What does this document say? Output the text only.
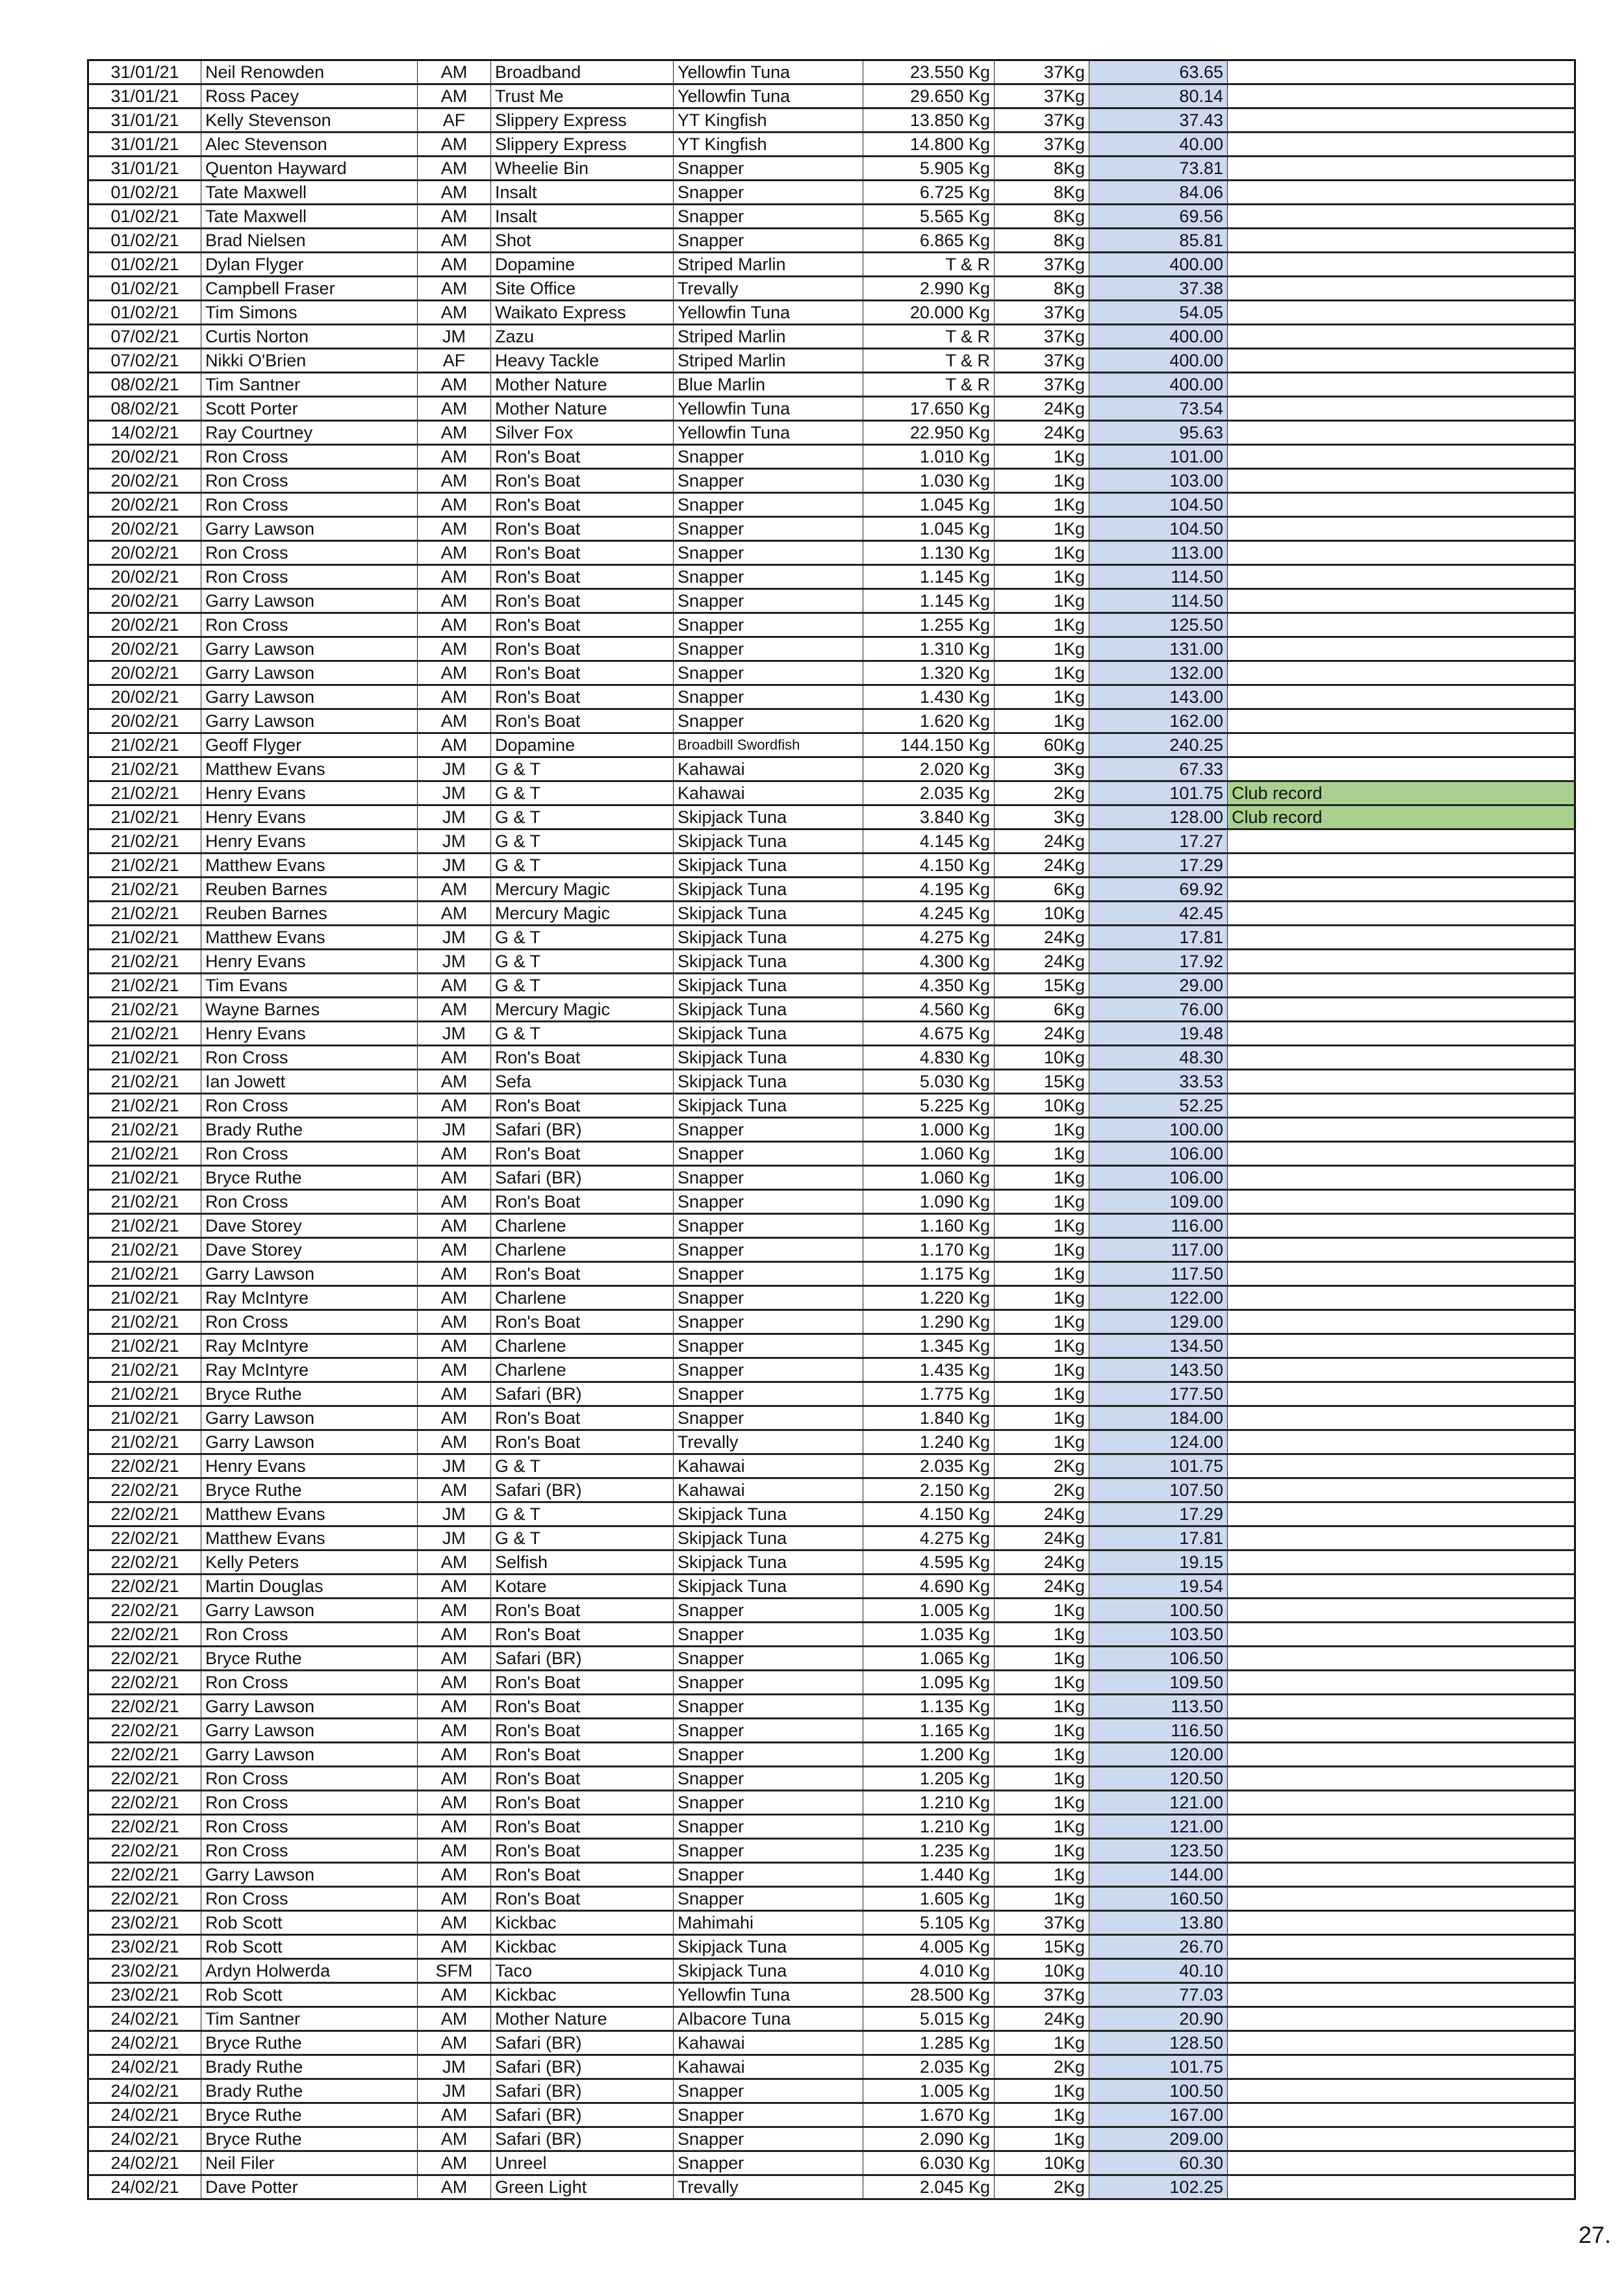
31/01/21	Neil Renowden	AM	Broadband	Yellowfin Tuna	23.550 Kg	37Kg	63.65	
31/01/21	Ross Pacey	AM	Trust Me	Yellowfin Tuna	29.650 Kg	37Kg	80.14	
31/01/21	Kelly Stevenson	AF	Slippery Express	YT Kingfish	13.850 Kg	37Kg	37.43	
31/01/21	Alec Stevenson	AM	Slippery Express	YT Kingfish	14.800 Kg	37Kg	40.00	
31/01/21	Quenton Hayward	AM	Wheelie Bin	Snapper	5.905 Kg	8Kg	73.81	
01/02/21	Tate Maxwell	AM	Insalt	Snapper	6.725 Kg	8Kg	84.06	
01/02/21	Tate Maxwell	AM	Insalt	Snapper	5.565 Kg	8Kg	69.56	
01/02/21	Brad Nielsen	AM	Shot	Snapper	6.865 Kg	8Kg	85.81	
01/02/21	Dylan Flyger	AM	Dopamine	Striped Marlin	T & R	37Kg	400.00	
01/02/21	Campbell Fraser	AM	Site Office	Trevally	2.990 Kg	8Kg	37.38	
01/02/21	Tim Simons	AM	Waikato Express	Yellowfin Tuna	20.000 Kg	37Kg	54.05	
07/02/21	Curtis Norton	JM	Zazu	Striped Marlin	T & R	37Kg	400.00	
07/02/21	Nikki O'Brien	AF	Heavy Tackle	Striped Marlin	T & R	37Kg	400.00	
08/02/21	Tim Santner	AM	Mother Nature	Blue Marlin	T & R	37Kg	400.00	
08/02/21	Scott Porter	AM	Mother Nature	Yellowfin Tuna	17.650 Kg	24Kg	73.54	
14/02/21	Ray Courtney	AM	Silver Fox	Yellowfin Tuna	22.950 Kg	24Kg	95.63	
20/02/21	Ron Cross	AM	Ron's Boat	Snapper	1.010 Kg	1Kg	101.00	
20/02/21	Ron Cross	AM	Ron's Boat	Snapper	1.030 Kg	1Kg	103.00	
20/02/21	Ron Cross	AM	Ron's Boat	Snapper	1.045 Kg	1Kg	104.50	
20/02/21	Garry Lawson	AM	Ron's Boat	Snapper	1.045 Kg	1Kg	104.50	
20/02/21	Ron Cross	AM	Ron's Boat	Snapper	1.130 Kg	1Kg	113.00	
20/02/21	Ron Cross	AM	Ron's Boat	Snapper	1.145 Kg	1Kg	114.50	
20/02/21	Garry Lawson	AM	Ron's Boat	Snapper	1.145 Kg	1Kg	114.50	
20/02/21	Ron Cross	AM	Ron's Boat	Snapper	1.255 Kg	1Kg	125.50	
20/02/21	Garry Lawson	AM	Ron's Boat	Snapper	1.310 Kg	1Kg	131.00	
20/02/21	Garry Lawson	AM	Ron's Boat	Snapper	1.320 Kg	1Kg	132.00	
20/02/21	Garry Lawson	AM	Ron's Boat	Snapper	1.430 Kg	1Kg	143.00	
20/02/21	Garry Lawson	AM	Ron's Boat	Snapper	1.620 Kg	1Kg	162.00	
21/02/21	Geoff Flyger	AM	Dopamine	Broadbill Swordfish	144.150 Kg	60Kg	240.25	
21/02/21	Matthew Evans	JM	G & T	Kahawai	2.020 Kg	3Kg	67.33	
21/02/21	Henry Evans	JM	G & T	Kahawai	2.035 Kg	2Kg	101.75	Club record
21/02/21	Henry Evans	JM	G & T	Skipjack Tuna	3.840 Kg	3Kg	128.00	Club record
21/02/21	Henry Evans	JM	G & T	Skipjack Tuna	4.145 Kg	24Kg	17.27	
21/02/21	Matthew Evans	JM	G & T	Skipjack Tuna	4.150 Kg	24Kg	17.29	
21/02/21	Reuben Barnes	AM	Mercury Magic	Skipjack Tuna	4.195 Kg	6Kg	69.92	
21/02/21	Reuben Barnes	AM	Mercury Magic	Skipjack Tuna	4.245 Kg	10Kg	42.45	
21/02/21	Matthew Evans	JM	G & T	Skipjack Tuna	4.275 Kg	24Kg	17.81	
21/02/21	Henry Evans	JM	G & T	Skipjack Tuna	4.300 Kg	24Kg	17.92	
21/02/21	Tim Evans	AM	G & T	Skipjack Tuna	4.350 Kg	15Kg	29.00	
21/02/21	Wayne Barnes	AM	Mercury Magic	Skipjack Tuna	4.560 Kg	6Kg	76.00	
21/02/21	Henry Evans	JM	G & T	Skipjack Tuna	4.675 Kg	24Kg	19.48	
21/02/21	Ron Cross	AM	Ron's Boat	Skipjack Tuna	4.830 Kg	10Kg	48.30	
21/02/21	Ian Jowett	AM	Sefa	Skipjack Tuna	5.030 Kg	15Kg	33.53	
21/02/21	Ron Cross	AM	Ron's Boat	Skipjack Tuna	5.225 Kg	10Kg	52.25	
21/02/21	Brady Ruthe	JM	Safari (BR)	Snapper	1.000 Kg	1Kg	100.00	
21/02/21	Ron Cross	AM	Ron's Boat	Snapper	1.060 Kg	1Kg	106.00	
21/02/21	Bryce Ruthe	AM	Safari (BR)	Snapper	1.060 Kg	1Kg	106.00	
21/02/21	Ron Cross	AM	Ron's Boat	Snapper	1.090 Kg	1Kg	109.00	
21/02/21	Dave Storey	AM	Charlene	Snapper	1.160 Kg	1Kg	116.00	
21/02/21	Dave Storey	AM	Charlene	Snapper	1.170 Kg	1Kg	117.00	
21/02/21	Garry Lawson	AM	Ron's Boat	Snapper	1.175 Kg	1Kg	117.50	
21/02/21	Ray McIntyre	AM	Charlene	Snapper	1.220 Kg	1Kg	122.00	
21/02/21	Ron Cross	AM	Ron's Boat	Snapper	1.290 Kg	1Kg	129.00	
21/02/21	Ray McIntyre	AM	Charlene	Snapper	1.345 Kg	1Kg	134.50	
21/02/21	Ray McIntyre	AM	Charlene	Snapper	1.435 Kg	1Kg	143.50	
21/02/21	Bryce Ruthe	AM	Safari (BR)	Snapper	1.775 Kg	1Kg	177.50	
21/02/21	Garry Lawson	AM	Ron's Boat	Snapper	1.840 Kg	1Kg	184.00	
21/02/21	Garry Lawson	AM	Ron's Boat	Trevally	1.240 Kg	1Kg	124.00	
22/02/21	Henry Evans	JM	G & T	Kahawai	2.035 Kg	2Kg	101.75	
22/02/21	Bryce Ruthe	AM	Safari (BR)	Kahawai	2.150 Kg	2Kg	107.50	
22/02/21	Matthew Evans	JM	G & T	Skipjack Tuna	4.150 Kg	24Kg	17.29	
22/02/21	Matthew Evans	JM	G & T	Skipjack Tuna	4.275 Kg	24Kg	17.81	
22/02/21	Kelly Peters	AM	Selfish	Skipjack Tuna	4.595 Kg	24Kg	19.15	
22/02/21	Martin Douglas	AM	Kotare	Skipjack Tuna	4.690 Kg	24Kg	19.54	
22/02/21	Garry Lawson	AM	Ron's Boat	Snapper	1.005 Kg	1Kg	100.50	
22/02/21	Ron Cross	AM	Ron's Boat	Snapper	1.035 Kg	1Kg	103.50	
22/02/21	Bryce Ruthe	AM	Safari (BR)	Snapper	1.065 Kg	1Kg	106.50	
22/02/21	Ron Cross	AM	Ron's Boat	Snapper	1.095 Kg	1Kg	109.50	
22/02/21	Garry Lawson	AM	Ron's Boat	Snapper	1.135 Kg	1Kg	113.50	
22/02/21	Garry Lawson	AM	Ron's Boat	Snapper	1.165 Kg	1Kg	116.50	
22/02/21	Garry Lawson	AM	Ron's Boat	Snapper	1.200 Kg	1Kg	120.00	
22/02/21	Ron Cross	AM	Ron's Boat	Snapper	1.205 Kg	1Kg	120.50	
22/02/21	Ron Cross	AM	Ron's Boat	Snapper	1.210 Kg	1Kg	121.00	
22/02/21	Ron Cross	AM	Ron's Boat	Snapper	1.210 Kg	1Kg	121.00	
22/02/21	Ron Cross	AM	Ron's Boat	Snapper	1.235 Kg	1Kg	123.50	
22/02/21	Garry Lawson	AM	Ron's Boat	Snapper	1.440 Kg	1Kg	144.00	
22/02/21	Ron Cross	AM	Ron's Boat	Snapper	1.605 Kg	1Kg	160.50	
23/02/21	Rob Scott	AM	Kickbac	Mahimahi	5.105 Kg	37Kg	13.80	
23/02/21	Rob Scott	AM	Kickbac	Skipjack Tuna	4.005 Kg	15Kg	26.70	
23/02/21	Ardyn Holwerda	SFM	Taco	Skipjack Tuna	4.010 Kg	10Kg	40.10	
23/02/21	Rob Scott	AM	Kickbac	Yellowfin Tuna	28.500 Kg	37Kg	77.03	
24/02/21	Tim Santner	AM	Mother Nature	Albacore Tuna	5.015 Kg	24Kg	20.90	
24/02/21	Bryce Ruthe	AM	Safari (BR)	Kahawai	1.285 Kg	1Kg	128.50	
24/02/21	Brady Ruthe	JM	Safari (BR)	Kahawai	2.035 Kg	2Kg	101.75	
24/02/21	Brady Ruthe	JM	Safari (BR)	Snapper	1.005 Kg	1Kg	100.50	
24/02/21	Bryce Ruthe	AM	Safari (BR)	Snapper	1.670 Kg	1Kg	167.00	
24/02/21	Bryce Ruthe	AM	Safari (BR)	Snapper	2.090 Kg	1Kg	209.00	
24/02/21	Neil Filer	AM	Unreel	Snapper	6.030 Kg	10Kg	60.30	
24/02/21	Dave Potter	AM	Green Light	Trevally	2.045 Kg	2Kg	102.25	
27.
